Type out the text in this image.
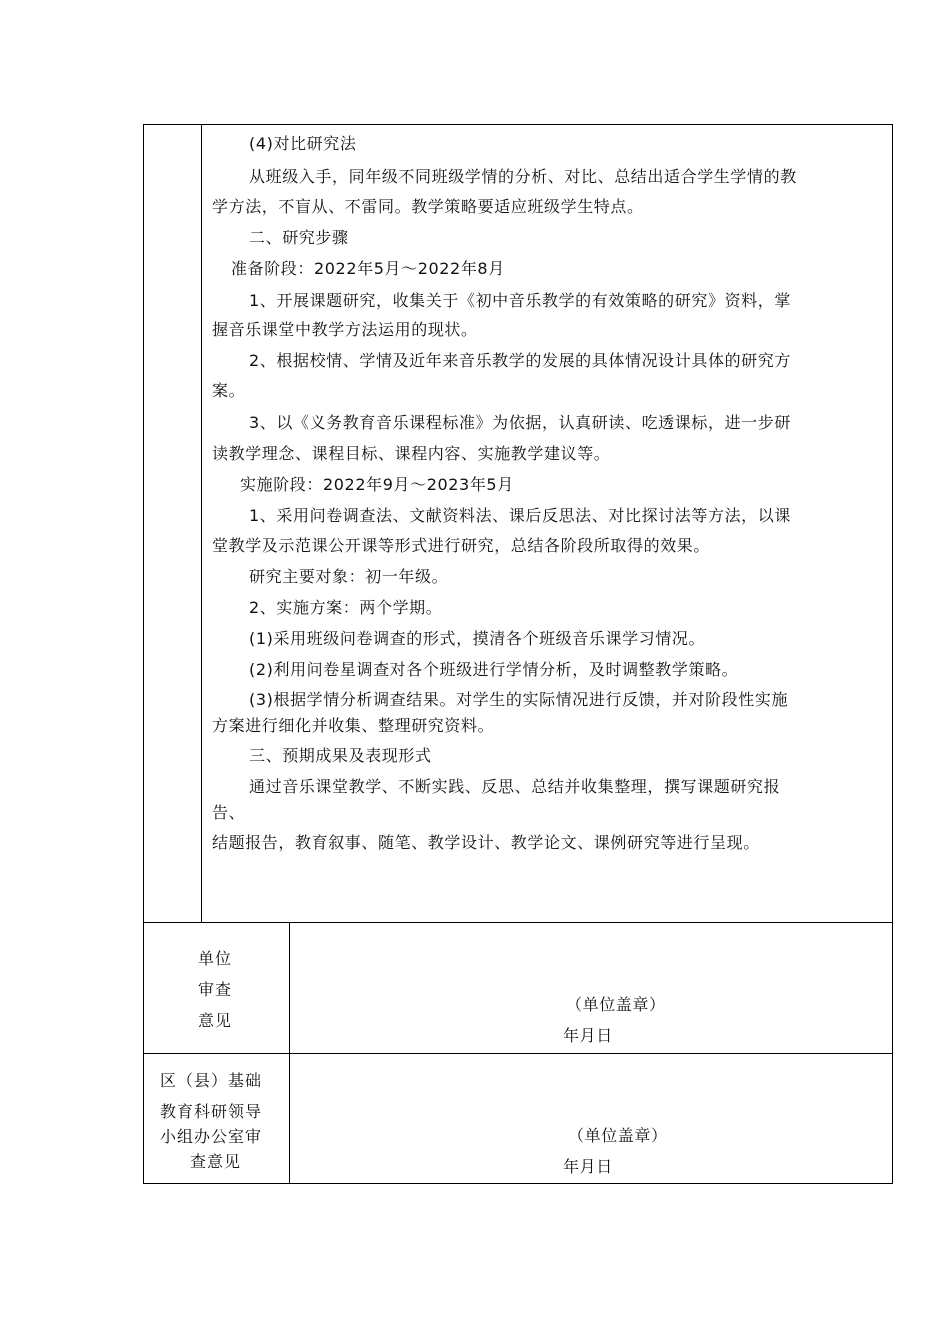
(4)对比研究法
从班级入手，同年级不同班级学情的分析、对比、总结出适合学生学情的教
学方法，不盲从、不雷同。教学策略要适应班级学生特点。
二、研究步骤
准备阶段：2022年5月～2022年8月
1、开展课题研究，收集关于《初中音乐教学的有效策略的研究》资料，掌
握音乐课堂中教学方法运用的现状。
2、根据校情、学情及近年来音乐教学的发展的具体情况设计具体的研究方
案。
3、以《义务教育音乐课程标准》为依据，认真研读、吃透课标，进一步研
读教学理念、课程目标、课程内容、实施教学建议等。
实施阶段：2022年9月～2023年5月
1、采用问卷调查法、文献资料法、课后反思法、对比探讨法等方法，以课
堂教学及示范课公开课等形式进行研究，总结各阶段所取得的效果。
研究主要对象：初一年级。
2、实施方案：两个学期。
(1)采用班级问卷调查的形式，摸清各个班级音乐课学习情况。
(2)利用问卷星调查对各个班级进行学情分析，及时调整教学策略。
(3)根据学情分析调查结果。对学生的实际情况进行反馈，并对阶段性实施
方案进行细化并收集、整理研究资料。
三、预期成果及表现形式
通过音乐课堂教学、不断实践、反思、总结并收集整理，撰写课题研究报
告、
结题报告，教育叙事、随笔、教学设计、教学论文、课例研究等进行呈现。
单位
审查
意见
（单位盖章）
年月日
区（县）基础
教育科研领导
小组办公室审
查意见
（单位盖章）
年月日
